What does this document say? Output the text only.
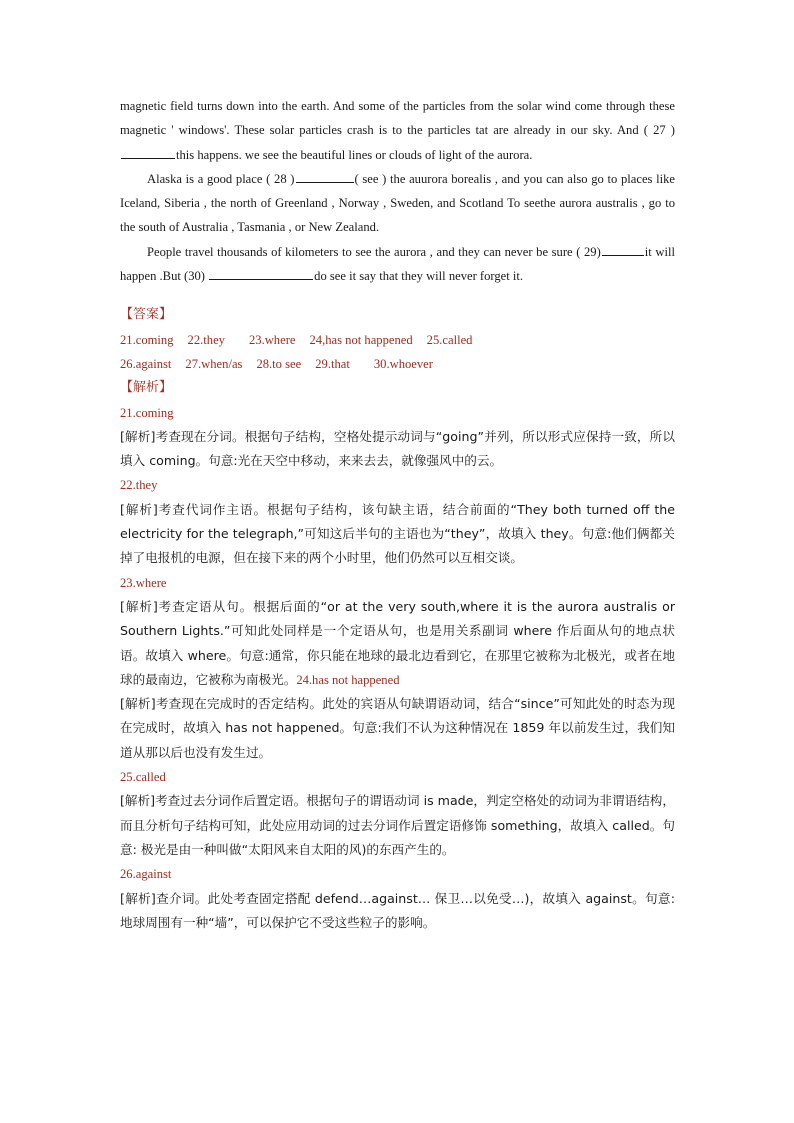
magnetic field turns down into the earth. And some of the particles from the solar wind come through these magnetic ' windows'. These solar particles crash is to the particles tat are already in our sky. And ( 27 )this happens. we see the beautiful lines or clouds of light of the aurora.

Alaska is a good place ( 28 )	( see ) the auurora borealis , and you can also go to places like Iceland, Siberia , the north of Greenland , Norway , Sweden, and Scotland To seethe aurora australis , go to the south of Australia , Tasmania , or New Zealand.

People travel thousands of kilometers to see the aurora , and they can never be sure ( 29)	it will happen .But (30)	do see it say that they will never forget it.

【答案】
21.coming 22.they 23.where 24,has not happened 25.called
26.against 27.when/as 28.to see 29.that 30.whoever
【解析】
21.coming

[解析]考查现在分词。根据句子结构，空格处提示动词与“going”并列，所以形式应保持一致，所以填入 coming。句意:光在天空中移动，来来去去，就像强风中的云。

22.they

[解析]考查代词作主语。根据句子结构，该句缺主语，结合前面的“They both turned off the electricity for the telegraph,”可知这后半句的主语也为“they”，故填入 they。句意:他们俩都关掉了电报机的电源，但在接下来的两个小时里，他们仍然可以互相交谈。

23.where

[解析]考查定语从句。根据后面的“or at the very south,where it is the aurora australis or Southern Lights.”可知此处同样是一个定语从句，也是用关系副词 where 作后面从句的地点状语。故填入 where。句意:通常，你只能在地球的最北边看到它，在那里它被称为北极光，或者在地球的最南边，它被称为南极光。24.has not happened

[解析]考查现在完成时的否定结构。此处的宾语从句缺谓语动词，结合“since”可知此处的时态为现在完成时，故填入 has not happened。句意:我们不认为这种情况在 1859 年以前发生过，我们知道从那以后也没有发生过。

25.called

[解析]考查过去分词作后置定语。根据句子的谓语动词 is made，判定空格处的动词为非谓语结构，而且分析句子结构可知，此处应用动词的过去分词作后置定语修饰 something，故填入 called。句意: 极光是由一种叫做“太阳风来自太阳的风)的东西产生的。

26.against

[解析]查介词。此处考查固定搭配 defend…against… 保卫…以免受…)，故填入 against。句意:地球周围有一种“墙”，可以保护它不受这些粒子的影响。
